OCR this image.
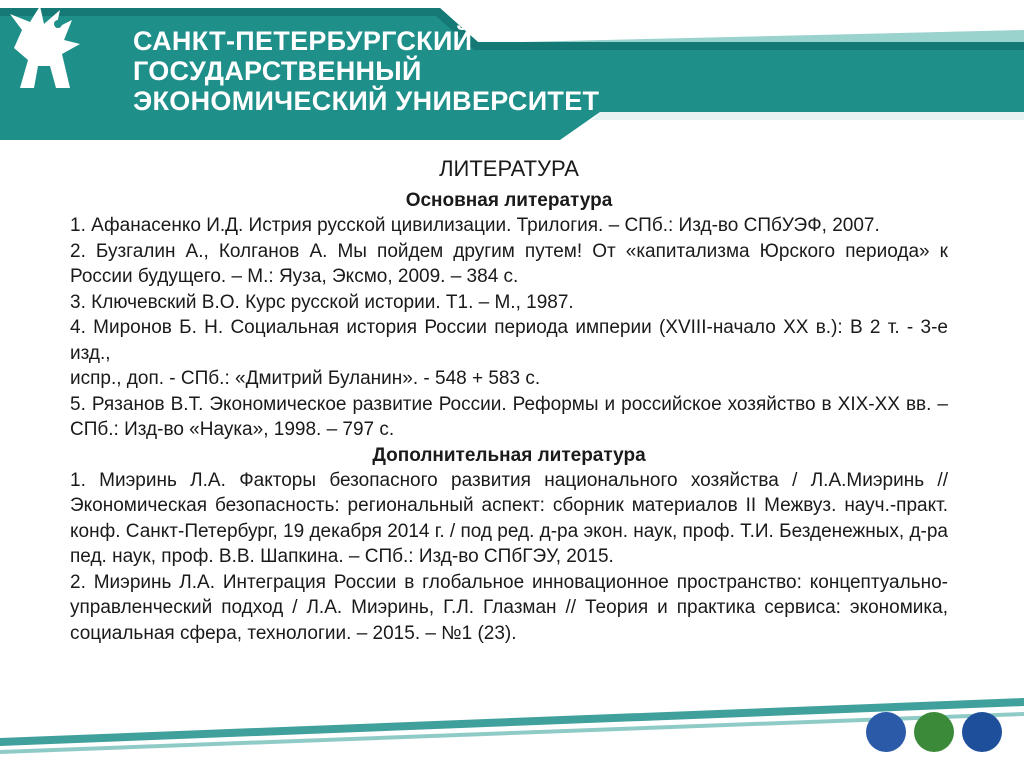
САНКТ-ПЕТЕРБУРГСКИЙ
ГОСУДАРСТВЕННЫЙ
ЭКОНОМИЧЕСКИЙ УНИВЕРСИТЕТ
ЛИТЕРАТУРА
Основная литература
1. Афанасенко И.Д. Истрия русской цивилизации. Трилогия. – СПб.: Изд-во СПбУЭФ, 2007.
2. Бузгалин А., Колганов А. Мы пойдем другим путем! От «капитализма Юрского периода» к России будущего. – М.: Яуза, Эксмо, 2009. – 384 с.
3. Ключевский В.О. Курс русской истории. Т1. – М., 1987.
4. Миронов Б. Н. Социальная история России периода империи (XVIII-начало XX в.): В 2 т. - 3-е изд.,
испр., доп. - СПб.: «Дмитрий Буланин». - 548 + 583 с.
5. Рязанов В.Т. Экономическое развитие России. Реформы и российское хозяйство в XIX-XX вв. – СПб.: Изд-во «Наука», 1998. – 797 с.
Дополнительная литература
1. Миэринь Л.А. Факторы безопасного развития национального хозяйства / Л.А.Миэринь //Экономическая безопасность: региональный аспект: сборник материалов II Межвуз. науч.-практ. конф. Санкт-Петербург, 19 декабря 2014 г. / под ред. д-ра экон. наук, проф. Т.И. Безденежных, д-ра пед. наук, проф. В.В. Шапкина. – СПб.: Изд-во СПбГЭУ, 2015.
2. Миэринь Л.А. Интеграция России в глобальное инновационное пространство: концептуально-управленческий подход / Л.А. Миэринь, Г.Л. Глазман // Теория и практика сервиса: экономика, социальная сфера, технологии. – 2015. – №1 (23).
